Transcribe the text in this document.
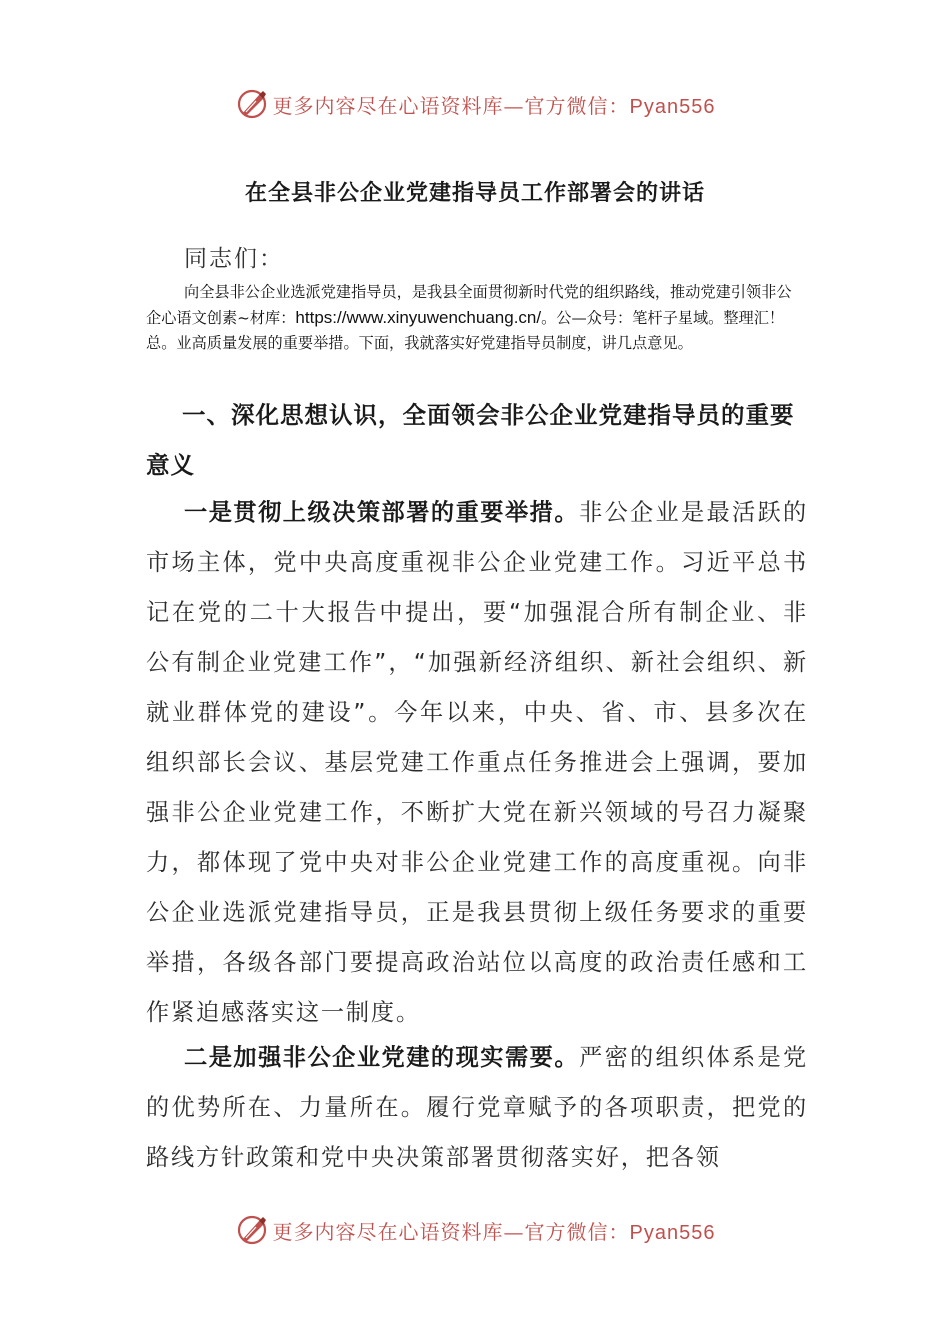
更多内容尽在心语资料库—官方微信：Pyan556
在全县非公企业党建指导员工作部署会的讲话
同志们：

向全县非公企业选派党建指导员，是我县全面贯彻新时代党的组织路线，推动党建引领非公企心语文创素~材库：https://www.xinyuwenchuang.cn/。公—众号：笔杆子星域。整理汇！总。业高质量发展的重要举措。下面，我就落实好党建指导员制度，讲几点意见。

一、深化思想认识，全面领会非公企业党建指导员的重要意义

一是贯彻上级决策部署的重要举措。非公企业是最活跃的市场主体，党中央高度重视非公企业党建工作。习近平总书记在党的二十大报告中提出，要“加强混合所有制企业、非公有制企业党建工作”，“加强新经济组织、新社会组织、新就业群体党的建设”。今年以来，中央、省、市、县多次在组织部长会议、基层党建工作重点任务推进会上强调，要加强非公企业党建工作，不断扩大党在新兴领域的号召力凝聚力，都体现了党中央对非公企业党建工作的高度重视。向非公企业选派党建指导员，正是我县贯彻上级任务要求的重要举措，各级各部门要提高政治站位以高度的政治责任感和工作紧迫感落实这一制度。

二是加强非公企业党建的现实需要。严密的组织体系是党的优势所在、力量所在。履行党章赋予的各项职责，把党的路线方针政策和党中央决策部署贯彻落实好，把各领

更多内容尽在心语资料库—官方微信：Pyan556
